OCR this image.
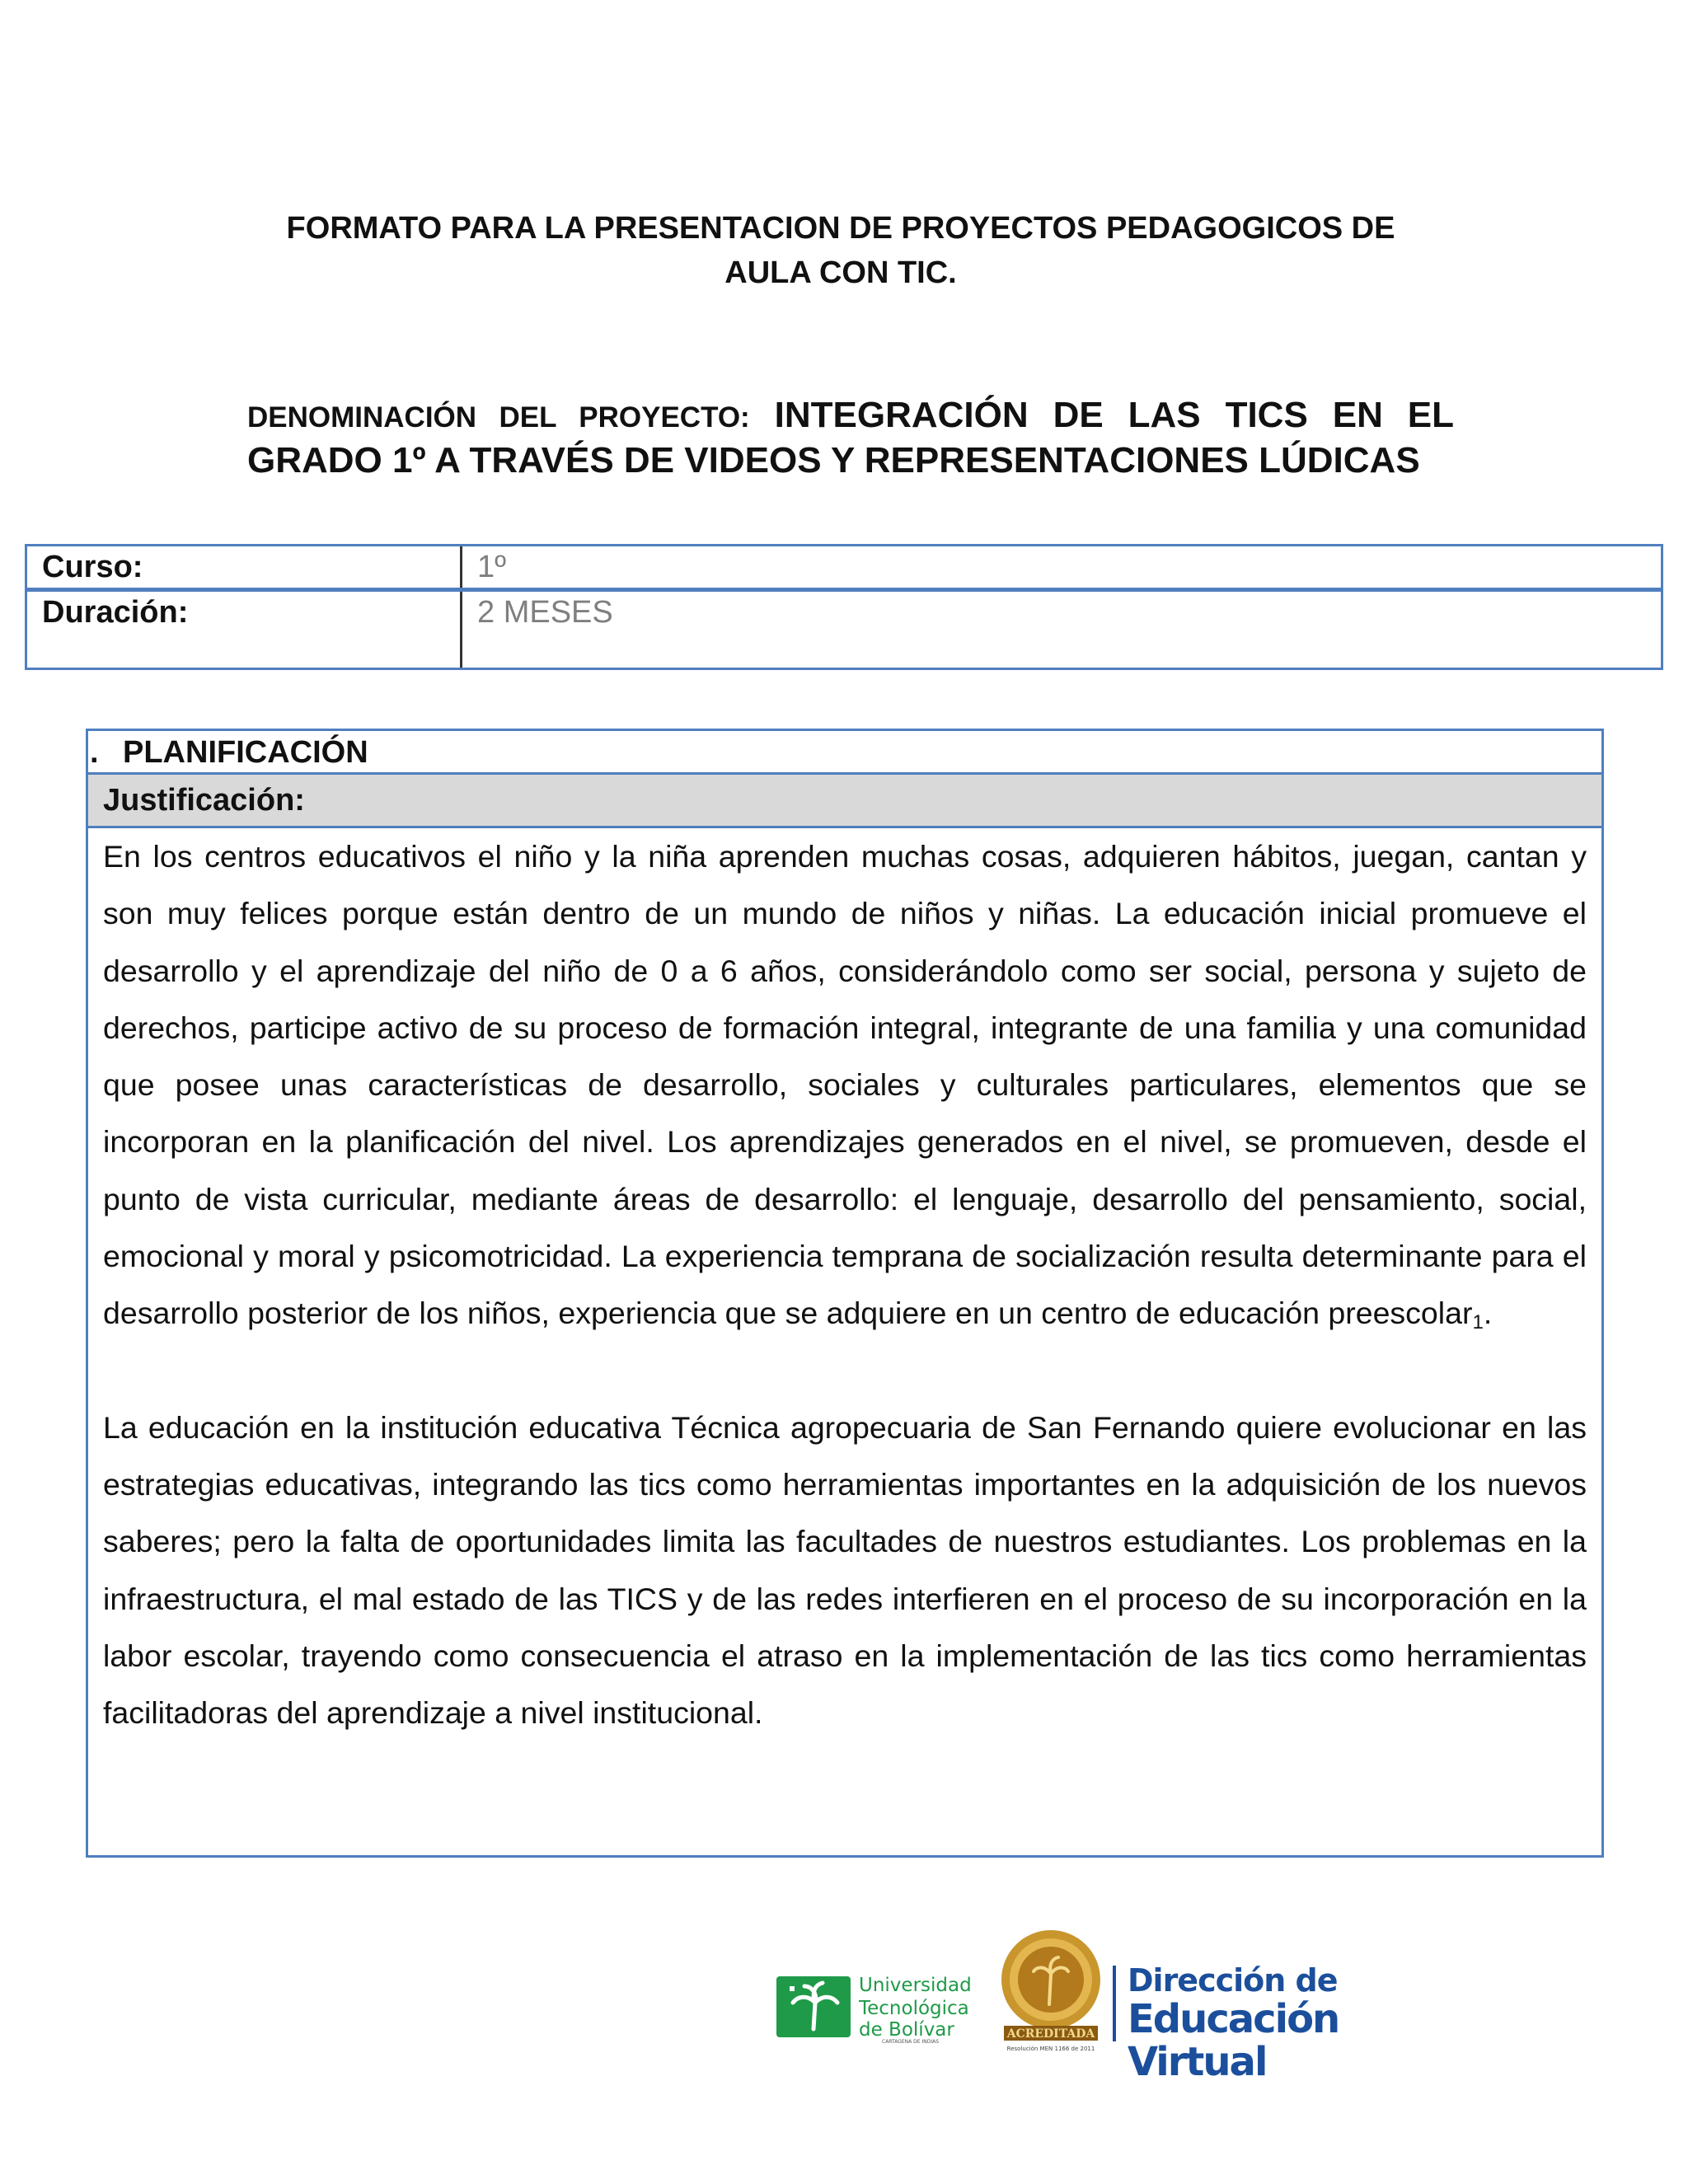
FORMATO PARA LA PRESENTACION DE PROYECTOS PEDAGOGICOS DE
AULA CON TIC.
DENOMINACIÓN DEL PROYECTO: INTEGRACIÓN DE LAS TICS EN EL GRADO 1º A TRAVÉS DE VIDEOS Y REPRESENTACIONES LÚDICAS
Curso:	1º
Duración:	2 MESES
. PLANIFICACIÓN
Justificación:

En los centros educativos el niño y la niña aprenden muchas cosas, adquieren hábitos, juegan, cantan y son muy felices porque están dentro de un mundo de niños y niñas. La educación inicial promueve el desarrollo y el aprendizaje del niño de 0 a 6 años, considerándolo como ser social, persona y sujeto de derechos, participe activo de su proceso de formación integral, integrante de una familia y una comunidad que posee unas características de desarrollo, sociales y culturales particulares, elementos que se incorporan en la planificación del nivel. Los aprendizajes generados en el nivel, se promueven, desde el punto de vista curricular, mediante áreas de desarrollo: el lenguaje, desarrollo del pensamiento, social, emocional y moral y psicomotricidad. La experiencia temprana de socialización resulta determinante para el desarrollo posterior de los niños, experiencia que se adquiere en un centro de educación preescolar$_1$.

La educación en la institución educativa Técnica agropecuaria de San Fernando quiere evolucionar en las estrategias educativas, integrando las tics como herramientas importantes en la adquisición de los nuevos saberes; pero la falta de oportunidades limita las facultades de nuestros estudiantes. Los problemas en la infraestructura, el mal estado de las TICS y de las redes interfieren en el proceso de su incorporación en la labor escolar, trayendo como consecuencia el atraso en la implementación de las tics como herramientas facilitadoras del aprendizaje a nivel institucional.

Universidad
Tecnológica
de Bolívar
CARTAGENA DE INDIAS
ACREDITADA
Resolución MEN 1166 de 2011
Dirección de
Educación Virtual
